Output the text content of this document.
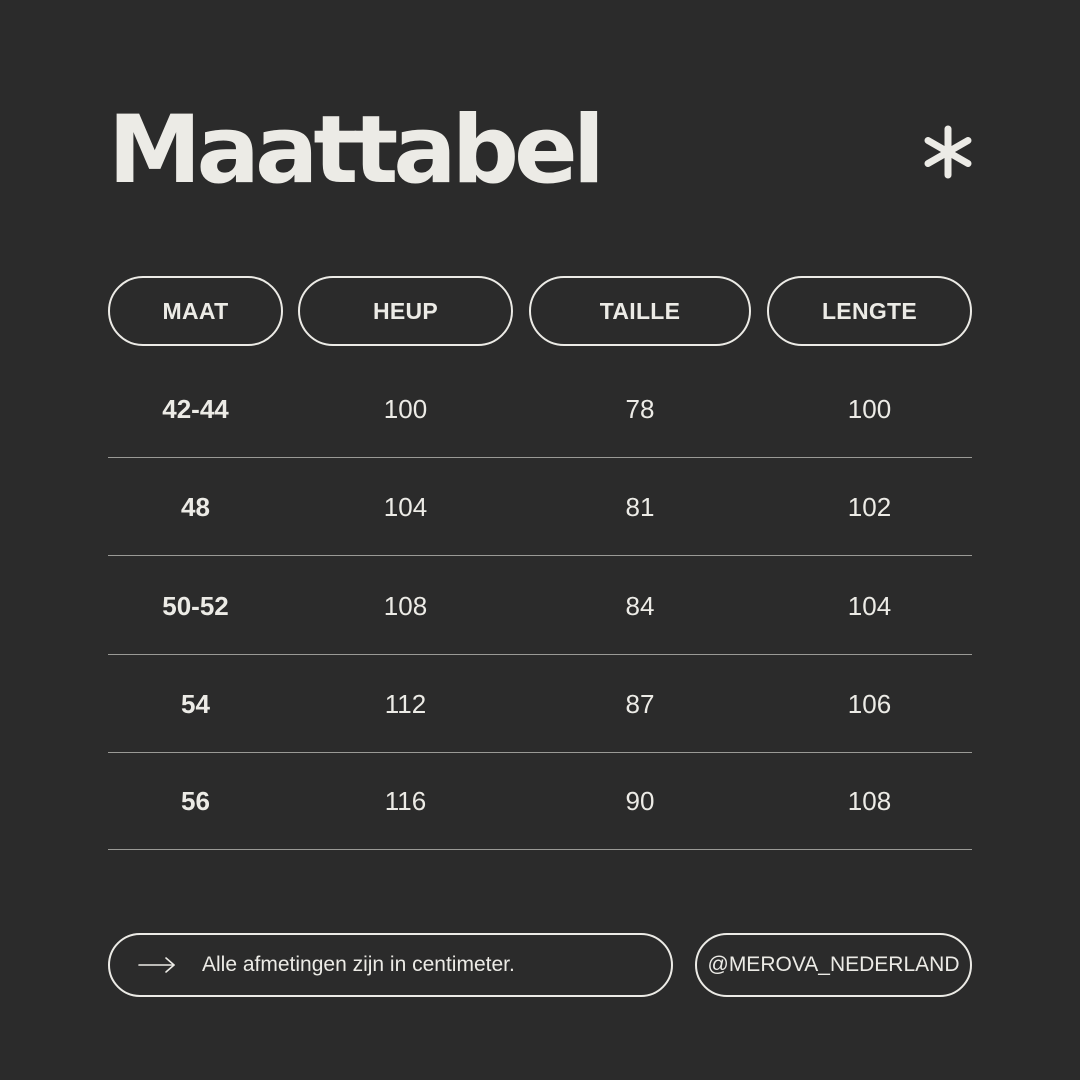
Maattabel
MAAT	HEUP	TAILLE	LENGTE
42-44	100	78	100
48	104	81	102
50-52	108	84	104
54	112	87	106
56	116	90	108
Alle afmetingen zijn in centimeter.	@MEROVA_NEDERLAND
